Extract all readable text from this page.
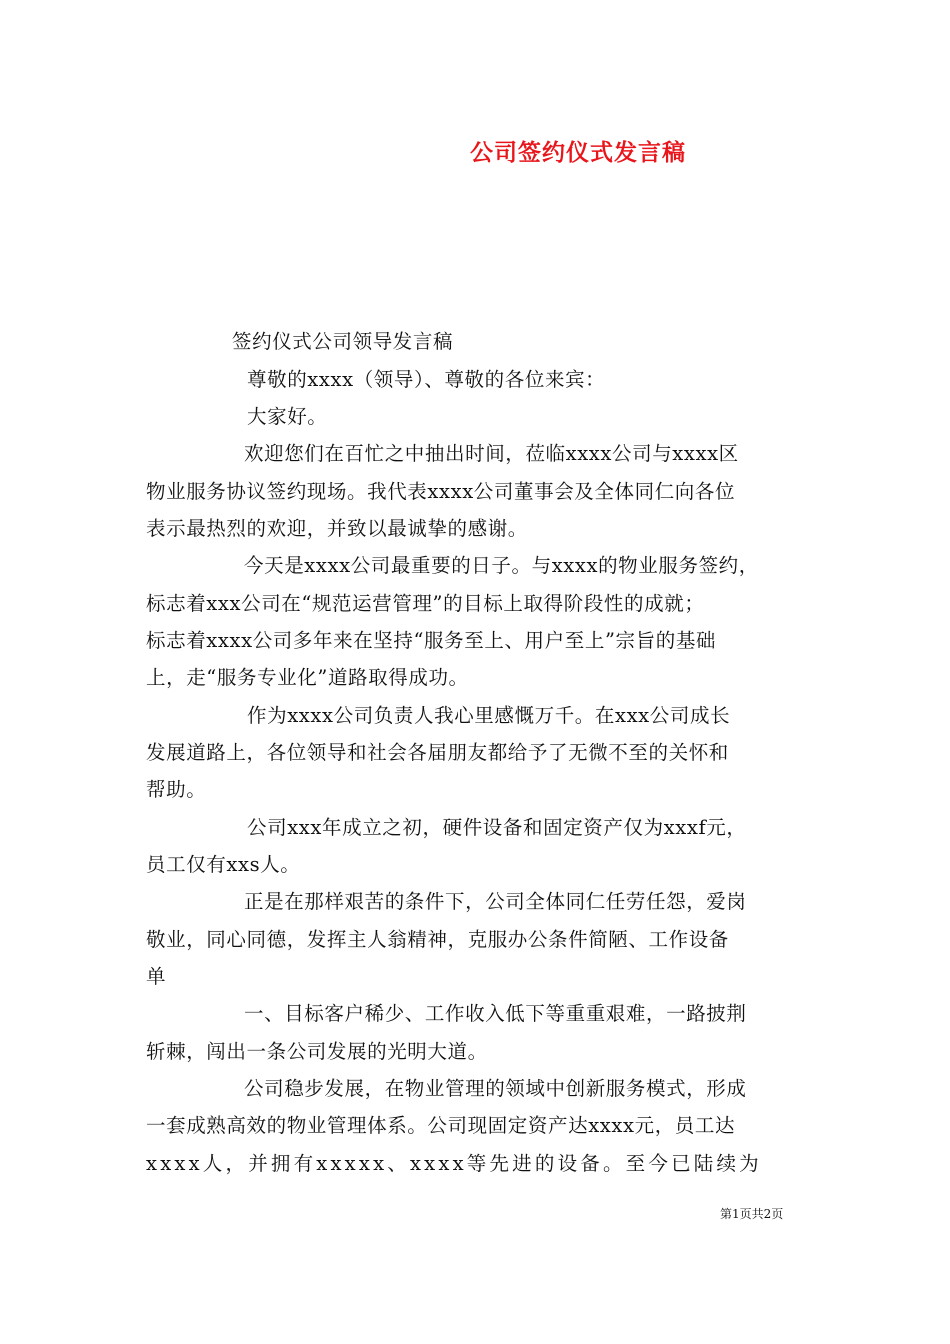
公司签约仪式发言稿
签约仪式公司领导发言稿
尊敬的xxxx（领导）、尊敬的各位来宾：
大家好。
欢迎您们在百忙之中抽出时间，莅临xxxx公司与xxxx区
物业服务协议签约现场。我代表xxxx公司董事会及全体同仁向各位
表示最热烈的欢迎，并致以最诚挚的感谢。
今天是xxxx公司最重要的日子。与xxxx的物业服务签约，
标志着xxx公司在“规范运营管理”的目标上取得阶段性的成就；
标志着xxxx公司多年来在坚持“服务至上、用户至上”宗旨的基础
上，走“服务专业化”道路取得成功。
作为xxxx公司负责人我心里感慨万千。在xxx公司成长
发展道路上，各位领导和社会各届朋友都给予了无微不至的关怀和
帮助。
公司xxx年成立之初，硬件设备和固定资产仅为xxxf元，
员工仅有xxs人。
正是在那样艰苦的条件下，公司全体同仁任劳任怨，爱岗
敬业，同心同德，发挥主人翁精神，克服办公条件简陋、工作设备
单
一、目标客户稀少、工作收入低下等重重艰难，一路披荆
斩棘，闯出一条公司发展的光明大道。
公司稳步发展，在物业管理的领域中创新服务模式，形成
一套成熟高效的物业管理体系。公司现固定资产达xxxx元，员工达
xxxx人，并拥有xxxxx、xxxx等先进的设备。至今已陆续为
第1页共2页
